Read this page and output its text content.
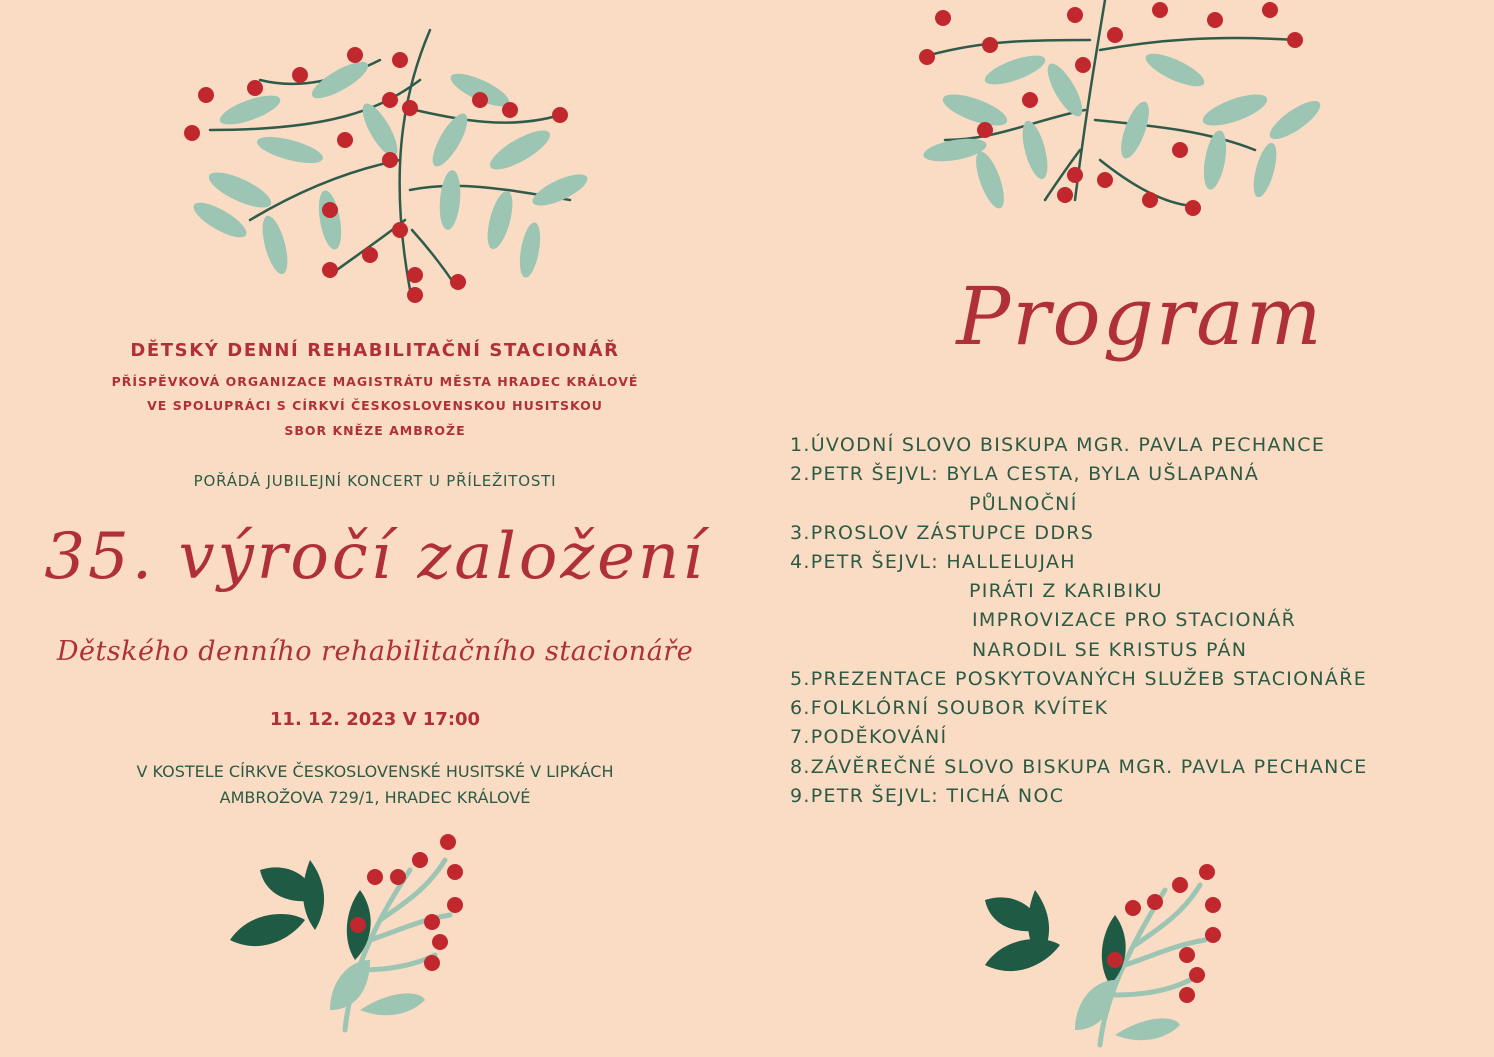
DĚTSKÝ DENNÍ REHABILITAČNÍ STACIONÁŘ
PŘÍSPĚVKOVÁ ORGANIZACE MAGISTRÁTU MĚSTA HRADEC KRÁLOVÉ
VE SPOLUPRÁCI S CÍRKVÍ ČESKOSLOVENSKOU HUSITSKOU
SBOR KNĚZE AMBROŽE
POŘÁDÁ JUBILEJNÍ KONCERT U PŘÍLEŽITOSTI
35. výročí založení
Dětského denního rehabilitačního stacionáře
11. 12. 2023 V 17:00
V KOSTELE CÍRKVE ČESKOSLOVENSKÉ HUSITSKÉ V LIPKÁCH
AMBROŽOVA 729/1, HRADEC KRÁLOVÉ
Program
1.ÚVODNÍ SLOVO BISKUPA MGR. PAVLA PECHANCE
2.PETR ŠEJVL: BYLA CESTA, BYLA UŠLAPANÁ
PŮLNOČNÍ
3.PROSLOV ZÁSTUPCE DDRS
4.PETR ŠEJVL: HALLELUJAH
PIRÁTI Z KARIBIKU
IMPROVIZACE PRO STACIONÁŘ
NARODIL SE KRISTUS PÁN
5.PREZENTACE POSKYTOVANÝCH SLUŽEB STACIONÁŘE
6.FOLKLÓRNÍ SOUBOR KVÍTEK
7.PODĚKOVÁNÍ
8.ZÁVĚREČNÉ SLOVO BISKUPA MGR. PAVLA PECHANCE
9.PETR ŠEJVL: TICHÁ NOC
